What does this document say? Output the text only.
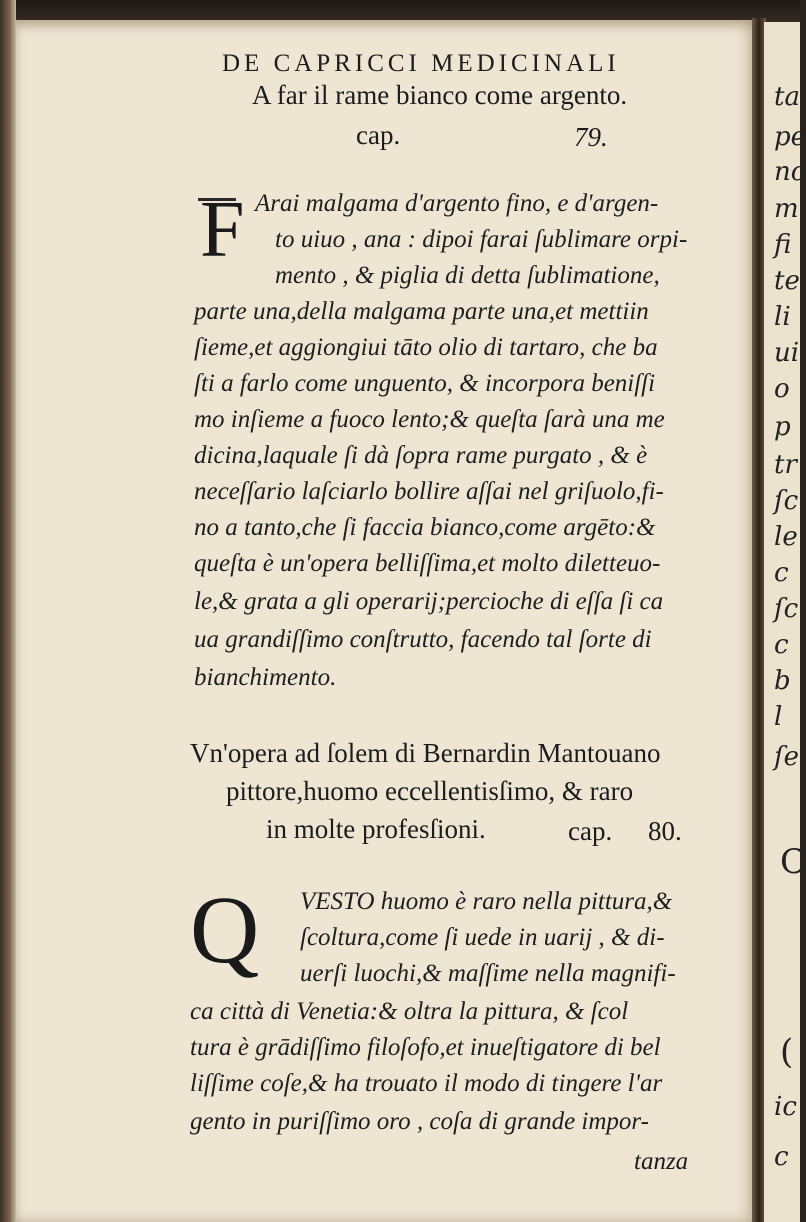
ta
pe
no
m
fi
te
li
ui
o
p
tr
ſc
le
c
ſc
c
b
l
ſe
C
(
ic
c
DE CAPRICCI MEDICINALI
A far il rame bianco come argento.
cap.	79.
F Arai malgama d'argento fino, e d'argen-
to uiuo , ana : dipoi farai ſublimare orpi-
mento , & piglia di detta ſublimatione,
parte una,della malgama parte una,et mettiin
ſieme,et aggiongiui tāto olio di tartaro, che ba
ſti a farlo come unguento, & incorpora beniſſi
mo inſieme a fuoco lento;& queſta ſarà una me
dicina,laquale ſi dà ſopra rame purgato , & è
neceſſario laſciarlo bollire aſſai nel griſuolo,fi-
no a tanto,che ſi faccia bianco,come argēto:&
queſta è un'opera belliſſima,et molto diletteuo-
le,& grata a gli operarij;percioche di eſſa ſi ca
ua grandiſſimo conſtrutto, facendo tal ſorte di
bianchimento.
Vn'opera ad ſolem di Bernardin Mantouano
pittore,huomo eccellentisſimo, & raro
in molte profesſioni.	cap. 80.
Q VESTO huomo è raro nella pittura,&
ſcoltura,come ſi uede in uarij , & di-
uerſi luochi,& maſſime nella magnifi-
ca città di Venetia:& oltra la pittura, & ſcol
tura è grādiſſimo filoſofo,et inueſtigatore di bel
liſſime coſe,& ha trouato il modo di tingere l'ar
gento in puriſſimo oro , coſa di grande impor-
tanza
